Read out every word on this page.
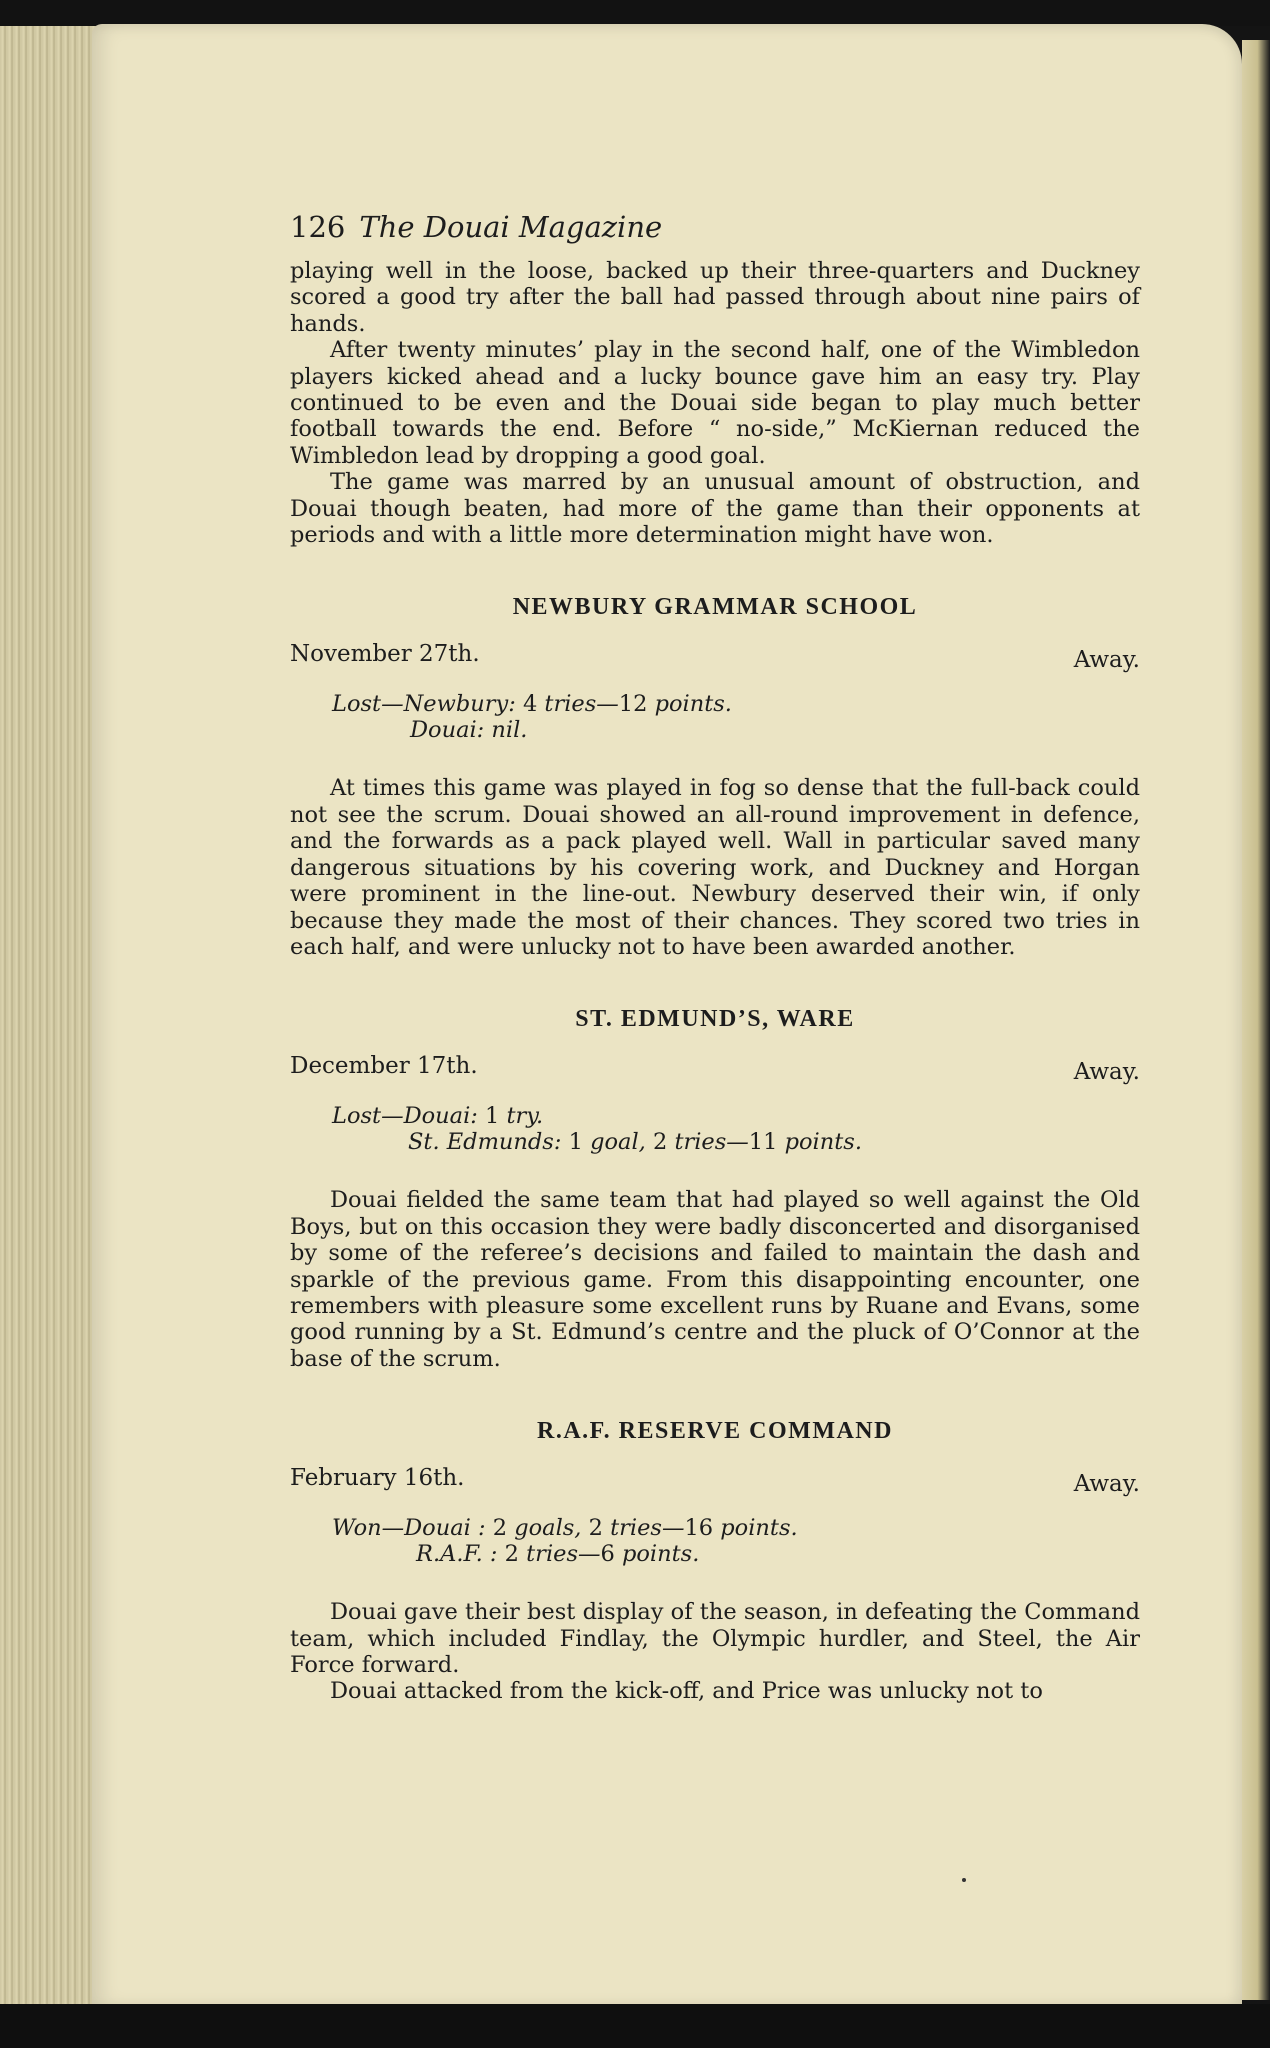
126 The Douai Magazine

playing well in the loose, backed up their three-quarters and Duckney scored a good try after the ball had passed through about nine pairs of hands.

After twenty minutes’ play in the second half, one of the Wimbledon players kicked ahead and a lucky bounce gave him an easy try. Play continued to be even and the Douai side began to play much better football towards the end. Before “ no-side,” McKiernan reduced the Wimbledon lead by dropping a good goal.

The game was marred by an unusual amount of obstruction, and Douai though beaten, had more of the game than their opponents at periods and with a little more determination might have won.

NEWBURY GRAMMAR SCHOOL
November 27th.	Away.
Lost—Newbury: 4 tries—12 points.
Douai: nil.

At times this game was played in fog so dense that the full-back could not see the scrum. Douai showed an all-round improvement in defence, and the forwards as a pack played well. Wall in particular saved many dangerous situations by his covering work, and Duckney and Horgan were prominent in the line-out. Newbury deserved their win, if only because they made the most of their chances. They scored two tries in each half, and were unlucky not to have been awarded another.

ST. EDMUND’S, WARE
December 17th.	Away.
Lost—Douai: 1 try.
St. Edmunds: 1 goal, 2 tries—11 points.

Douai fielded the same team that had played so well against the Old Boys, but on this occasion they were badly disconcerted and disorganised by some of the referee’s decisions and failed to maintain the dash and sparkle of the previous game. From this disappointing encounter, one remembers with pleasure some excellent runs by Ruane and Evans, some good running by a St. Edmund’s centre and the pluck of O’Connor at the base of the scrum.

R.A.F. RESERVE COMMAND
February 16th.	Away.
Won—Douai : 2 goals, 2 tries—16 points.
R.A.F. : 2 tries—6 points.

Douai gave their best display of the season, in defeating the Command team, which included Findlay, the Olympic hurdler, and Steel, the Air Force forward.

Douai attacked from the kick-off, and Price was unlucky not to
